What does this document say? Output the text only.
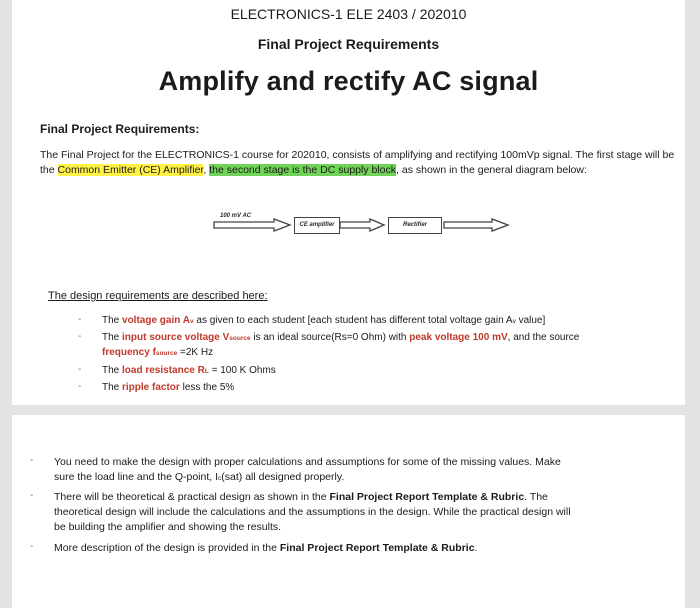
ELECTRONICS-1 ELE 2403 / 202010
Final Project Requirements
Amplify and rectify AC signal
Final Project Requirements:
The Final Project for the ELECTRONICS-1 course for 202010, consists of amplifying and rectifying 100mVp signal. The first stage will be the Common Emitter (CE) Amplifier, the second stage is the DC supply block, as shown in the general diagram below:
100 mV AC
CE amplifier	Rectifier
The design requirements are described here:
- The voltage gain Av as given to each student [each student has different total voltage gain Av value]
- The input source voltage Vsource is an ideal source(Rs=0 Ohm) with peak voltage 100 mV, and the source
frequency fsource =2K Hz
- The load resistance RL = 100 K Ohms
- The ripple factor less the 5%
- You need to make the design with proper calculations and assumptions for some of the missing values. Make
sure the load line and the Q-point, Ic(sat) all designed properly.
- There will be theoretical & practical design as shown in the Final Project Report Template & Rubric. The
theoretical design will include the calculations and the assumptions in the design. While the practical design will
be building the amplifier and showing the results.
- More description of the design is provided in the Final Project Report Template & Rubric.
